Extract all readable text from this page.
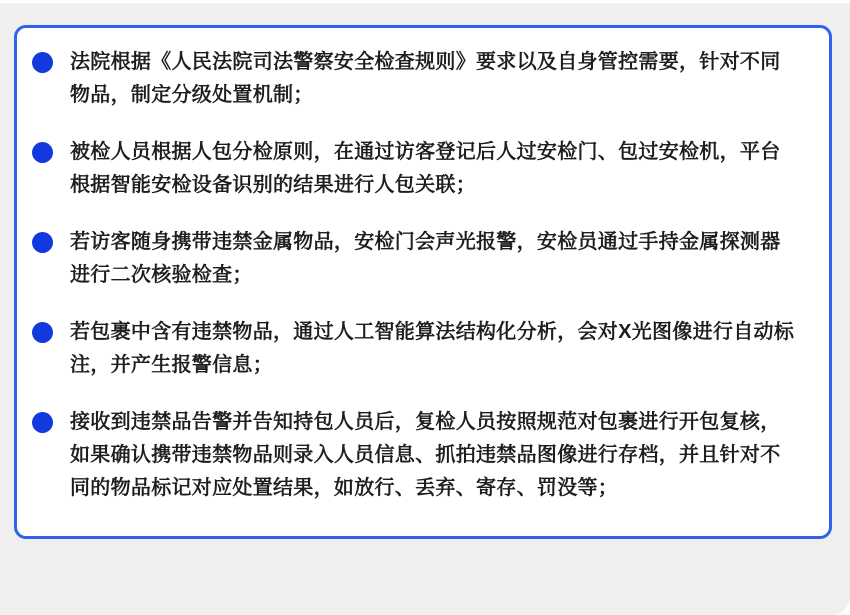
法院根据《人民法院司法警察安全检查规则》要求以及自身管控需要，针对不同物品，制定分级处置机制；

被检人员根据人包分检原则，在通过访客登记后人过安检门、包过安检机，平台根据智能安检设备识别的结果进行人包关联；

若访客随身携带违禁金属物品，安检门会声光报警，安检员通过手持金属探测器进行二次核验检查；

若包裹中含有违禁物品，通过人工智能算法结构化分析，会对X光图像进行自动标注，并产生报警信息；

接收到违禁品告警并告知持包人员后，复检人员按照规范对包裹进行开包复核，如果确认携带违禁物品则录入人员信息、抓拍违禁品图像进行存档，并且针对不同的物品标记对应处置结果，如放行、丢弃、寄存、罚没等；
